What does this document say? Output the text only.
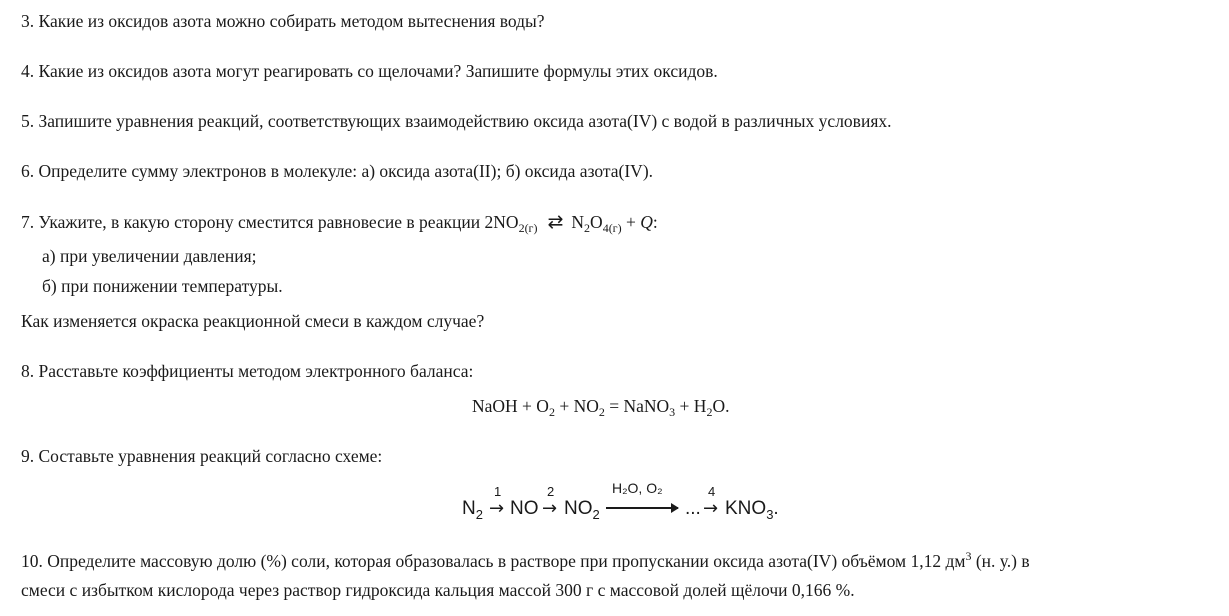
3. Какие из оксидов азота можно собирать методом вытеснения воды?
4. Какие из оксидов азота могут реагировать со щелочами? Запишите формулы этих оксидов.
5. Запишите уравнения реакций, соответствующих взаимодействию оксида азота(IV) с водой в различных условиях.
6. Определите сумму электронов в молекуле: а) оксида азота(II); б) оксида азота(IV).
7. Укажите, в какую сторону сместится равновесие в реакции $2NO_{2(г)}$ ⇄ $N_2O_{4(г)} + Q$:
а) при увеличении давления;
б) при понижении температуры.
Как изменяется окраска реакционной смеси в каждом случае?
8. Расставьте коэффициенты методом электронного баланса:
NaOH + $O_2 + NO_2$ = NaNO$_3$ + $H_2O$.
9. Составьте уравнения реакций согласно схеме:
$N_2$
1
→ NO
2
→ $NO_2$
H₂O, O₂
...
4
→ $KNO_3$.
10. Определите массовую долю (%) соли, которая образовалась в растворе при пропускании оксида азота(IV) объёмом 1,12 $дм^3$ (н. у.) в
смеси с избытком кислорода через раствор гидроксида кальция массой 300 г с массовой долей щёлочи 0,166 %.
